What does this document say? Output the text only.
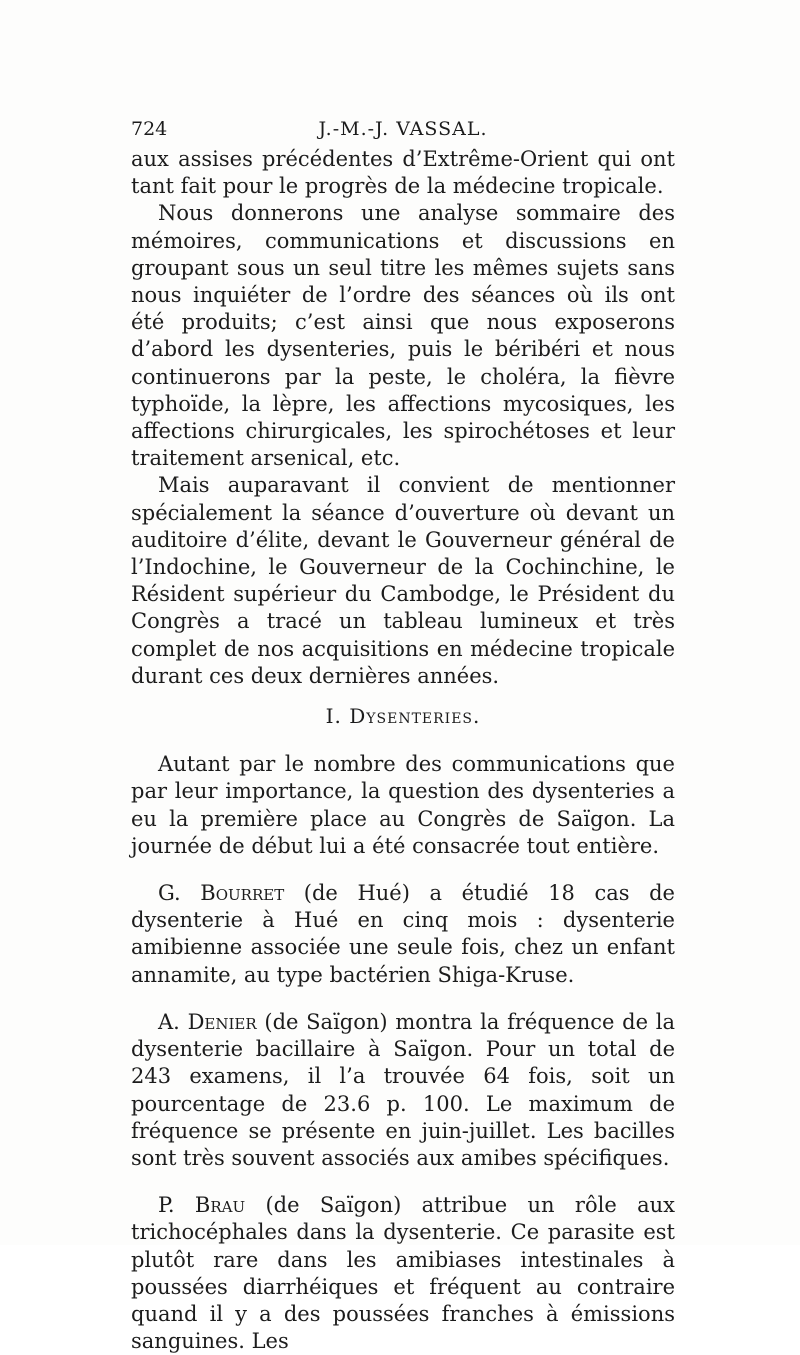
724	J.-M.-J. VASSAL.

aux assises précédentes d’Extrême-Orient qui ont tant fait pour le progrès de la médecine tropicale.

Nous donnerons une analyse sommaire des mémoires, communications et discussions en groupant sous un seul titre les mêmes sujets sans nous inquiéter de l’ordre des séances où ils ont été produits; c’est ainsi que nous exposerons d’abord les dysenteries, puis le béribéri et nous continuerons par la peste, le choléra, la fièvre typhoïde, la lèpre, les affections mycosiques, les affections chirurgicales, les spirochétoses et leur traitement arsenical, etc.

Mais auparavant il convient de mentionner spécialement la séance d’ouverture où devant un auditoire d’élite, devant le Gouverneur général de l’Indochine, le Gouverneur de la Cochinchine, le Résident supérieur du Cambodge, le Président du Congrès a tracé un tableau lumineux et très complet de nos acquisitions en médecine tropicale durant ces deux dernières années.

I. Dysenteries.

Autant par le nombre des communications que par leur importance, la question des dysenteries a eu la première place au Congrès de Saïgon. La journée de début lui a été consacrée tout entière.

G. Bourret (de Hué) a étudié 18 cas de dysenterie à Hué en cinq mois : dysenterie amibienne associée une seule fois, chez un enfant annamite, au type bactérien Shiga-Kruse.

A. Denier (de Saïgon) montra la fréquence de la dysenterie bacillaire à Saïgon. Pour un total de 243 examens, il l’a trouvée 64 fois, soit un pourcentage de 23.6 p. 100. Le maximum de fréquence se présente en juin-juillet. Les bacilles sont très souvent associés aux amibes spécifiques.

P. Brau (de Saïgon) attribue un rôle aux trichocéphales dans la dysenterie. Ce parasite est plutôt rare dans les amibiases intestinales à poussées diarrhéiques et fréquent au contraire quand il y a des poussées franches à émissions sanguines. Les
